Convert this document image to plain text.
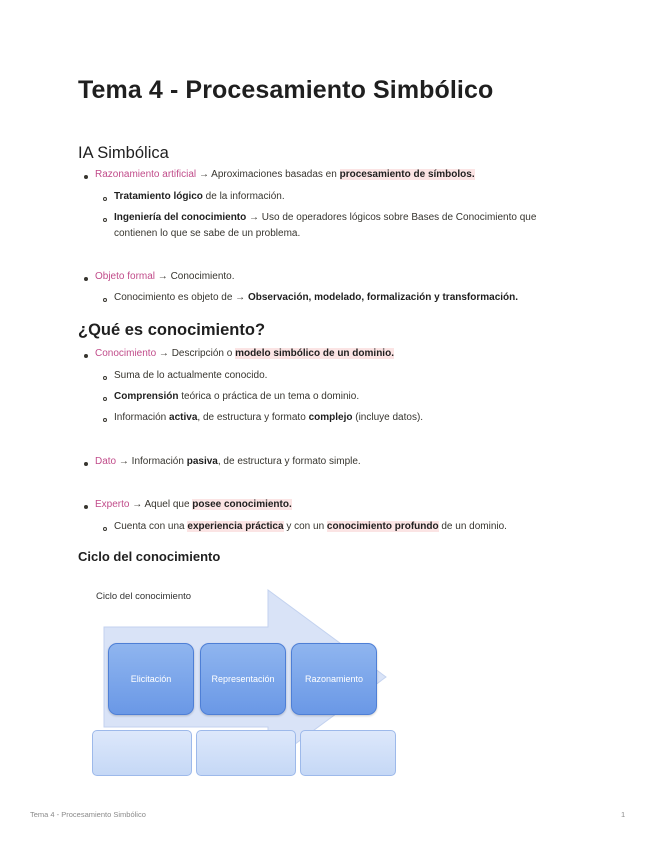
Tema 4 - Procesamiento Simbólico
IA Simbólica
Razonamiento artificial → Aproximaciones basadas en procesamiento de símbolos.
Tratamiento lógico de la información.
Ingeniería del conocimiento → Uso de operadores lógicos sobre Bases de Conocimiento que contienen lo que se sabe de un problema.
Objeto formal → Conocimiento.
Conocimiento es objeto de → Observación, modelado, formalización y transformación.
¿Qué es conocimiento?
Conocimiento → Descripción o modelo simbólico de un dominio.
Suma de lo actualmente conocido.
Comprensión teórica o práctica de un tema o dominio.
Información activa, de estructura y formato complejo (incluye datos).
Dato → Información pasiva, de estructura y formato simple.
Experto → Aquel que posee conocimiento.
Cuenta con una experiencia práctica y con un conocimiento profundo de un dominio.
Ciclo del conocimiento
Ciclo del conocimiento
Elicitación	Representación	Razonamiento
Tema 4 - Procesamiento Simbólico	1
